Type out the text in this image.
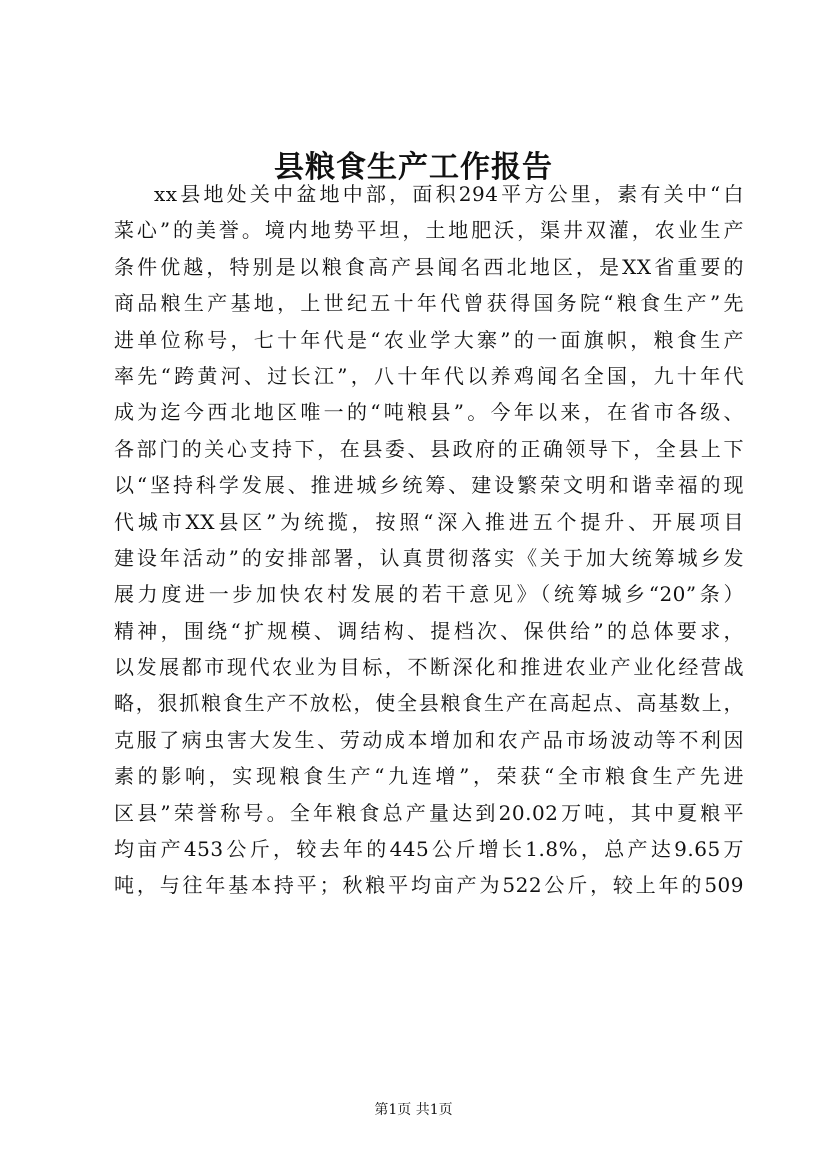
县粮食生产工作报告
xx县地处关中盆地中部，面积294平方公里，素有关中“白
菜心”的美誉。境内地势平坦，土地肥沃，渠井双灌，农业生产
条件优越，特别是以粮食高产县闻名西北地区，是XX省重要的
商品粮生产基地，上世纪五十年代曾获得国务院“粮食生产”先
进单位称号，七十年代是“农业学大寨”的一面旗帜，粮食生产
率先“跨黄河、过长江”，八十年代以养鸡闻名全国，九十年代
成为迄今西北地区唯一的“吨粮县”。今年以来，在省市各级、
各部门的关心支持下，在县委、县政府的正确领导下，全县上下
以“坚持科学发展、推进城乡统筹、建设繁荣文明和谐幸福的现
代城市XX县区”为统揽，按照“深入推进五个提升、开展项目
建设年活动”的安排部署，认真贯彻落实《关于加大统筹城乡发
展力度进一步加快农村发展的若干意见》（统筹城乡“20”条）
精神，围绕“扩规模、调结构、提档次、保供给”的总体要求，
以发展都市现代农业为目标，不断深化和推进农业产业化经营战
略，狠抓粮食生产不放松，使全县粮食生产在高起点、高基数上，
克服了病虫害大发生、劳动成本增加和农产品市场波动等不利因
素的影响，实现粮食生产“九连增”，荣获“全市粮食生产先进
区县”荣誉称号。全年粮食总产量达到20.02万吨，其中夏粮平
均亩产453公斤，较去年的445公斤增长1.8%，总产达9.65万
吨，与往年基本持平；秋粮平均亩产为522公斤，较上年的509
第1页 共1页
